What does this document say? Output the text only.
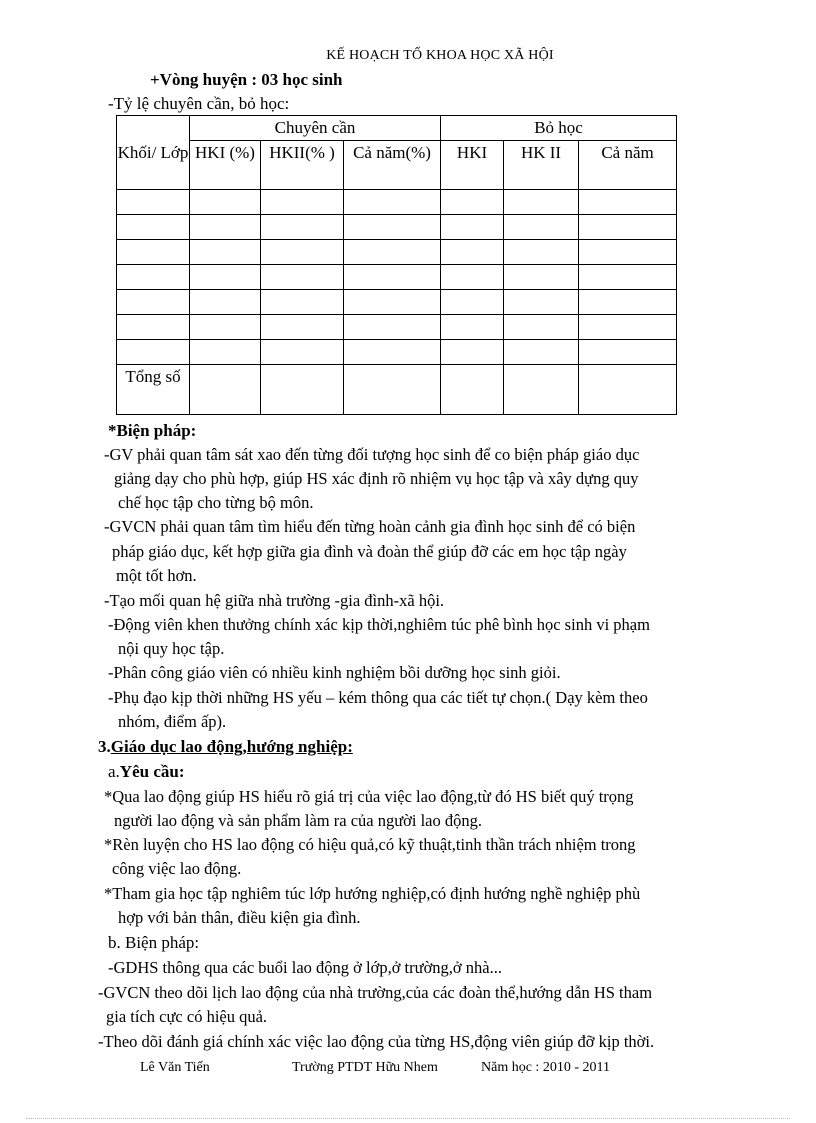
KẾ HOẠCH TỔ KHOA HỌC XÃ HỘI
+Vòng huyện : 03 học sinh
-Tỷ lệ chuyên cần, bỏ học:
Khối/ Lớp	Chuyên cần			Bỏ học		
	HKI (%)	HKII(% )	Cả năm(%)	HKI	HK II	Cả năm

Tổng số						
*Biện pháp:
-GV phải quan tâm sát xao đến từng đối tượng học sinh để co biện pháp giáo dục
giảng dạy cho phù hợp, giúp HS xác định rõ nhiệm vụ học tập và xây dựng quy
chế học tập cho từng bộ môn.
-GVCN phải quan tâm tìm hiểu đến từng hoàn cảnh gia đình học sinh để có biện
pháp giáo dục, kết hợp giữa gia đình và đoàn thể giúp đỡ các em học tập ngày
một tốt hơn.
-Tạo mối quan hệ giữa nhà trường -gia đình-xã hội.
-Động viên khen thưởng chính xác kịp thời,nghiêm túc phê bình học sinh vi phạm
nội quy học tập.
-Phân công giáo viên có nhiều kinh nghiệm bồi dưỡng học sinh giỏi.
-Phụ đạo kịp thời những HS yếu – kém thông qua các tiết tự chọn.( Dạy kèm theo
nhóm, điểm ấp).
3.Giáo dục lao động,hướng nghiệp:
a.Yêu cầu:
*Qua lao động giúp HS hiểu rõ giá trị của việc lao động,từ đó HS biết quý trọng
người lao động và sản phẩm làm ra của người lao động.
*Rèn luyện cho HS lao động có hiệu quả,có kỹ thuật,tinh thần trách nhiệm trong
công việc lao động.
*Tham gia học tập nghiêm túc lớp hướng nghiệp,có định hướng nghề nghiệp phù
hợp với bản thân, điều kiện gia đình.
b. Biện pháp:
-GDHS thông qua các buổi lao động ở lớp,ở trường,ở nhà...
-GVCN theo dõi lịch lao động của nhà trường,của các đoàn thể,hướng dẫn HS tham
gia tích cực có hiệu quả.
-Theo dõi đánh giá chính xác việc lao động của từng HS,động viên giúp đỡ kịp thời.
Lê Văn Tiến	Trường PTDT Hữu Nhem	Năm học : 2010 - 2011
